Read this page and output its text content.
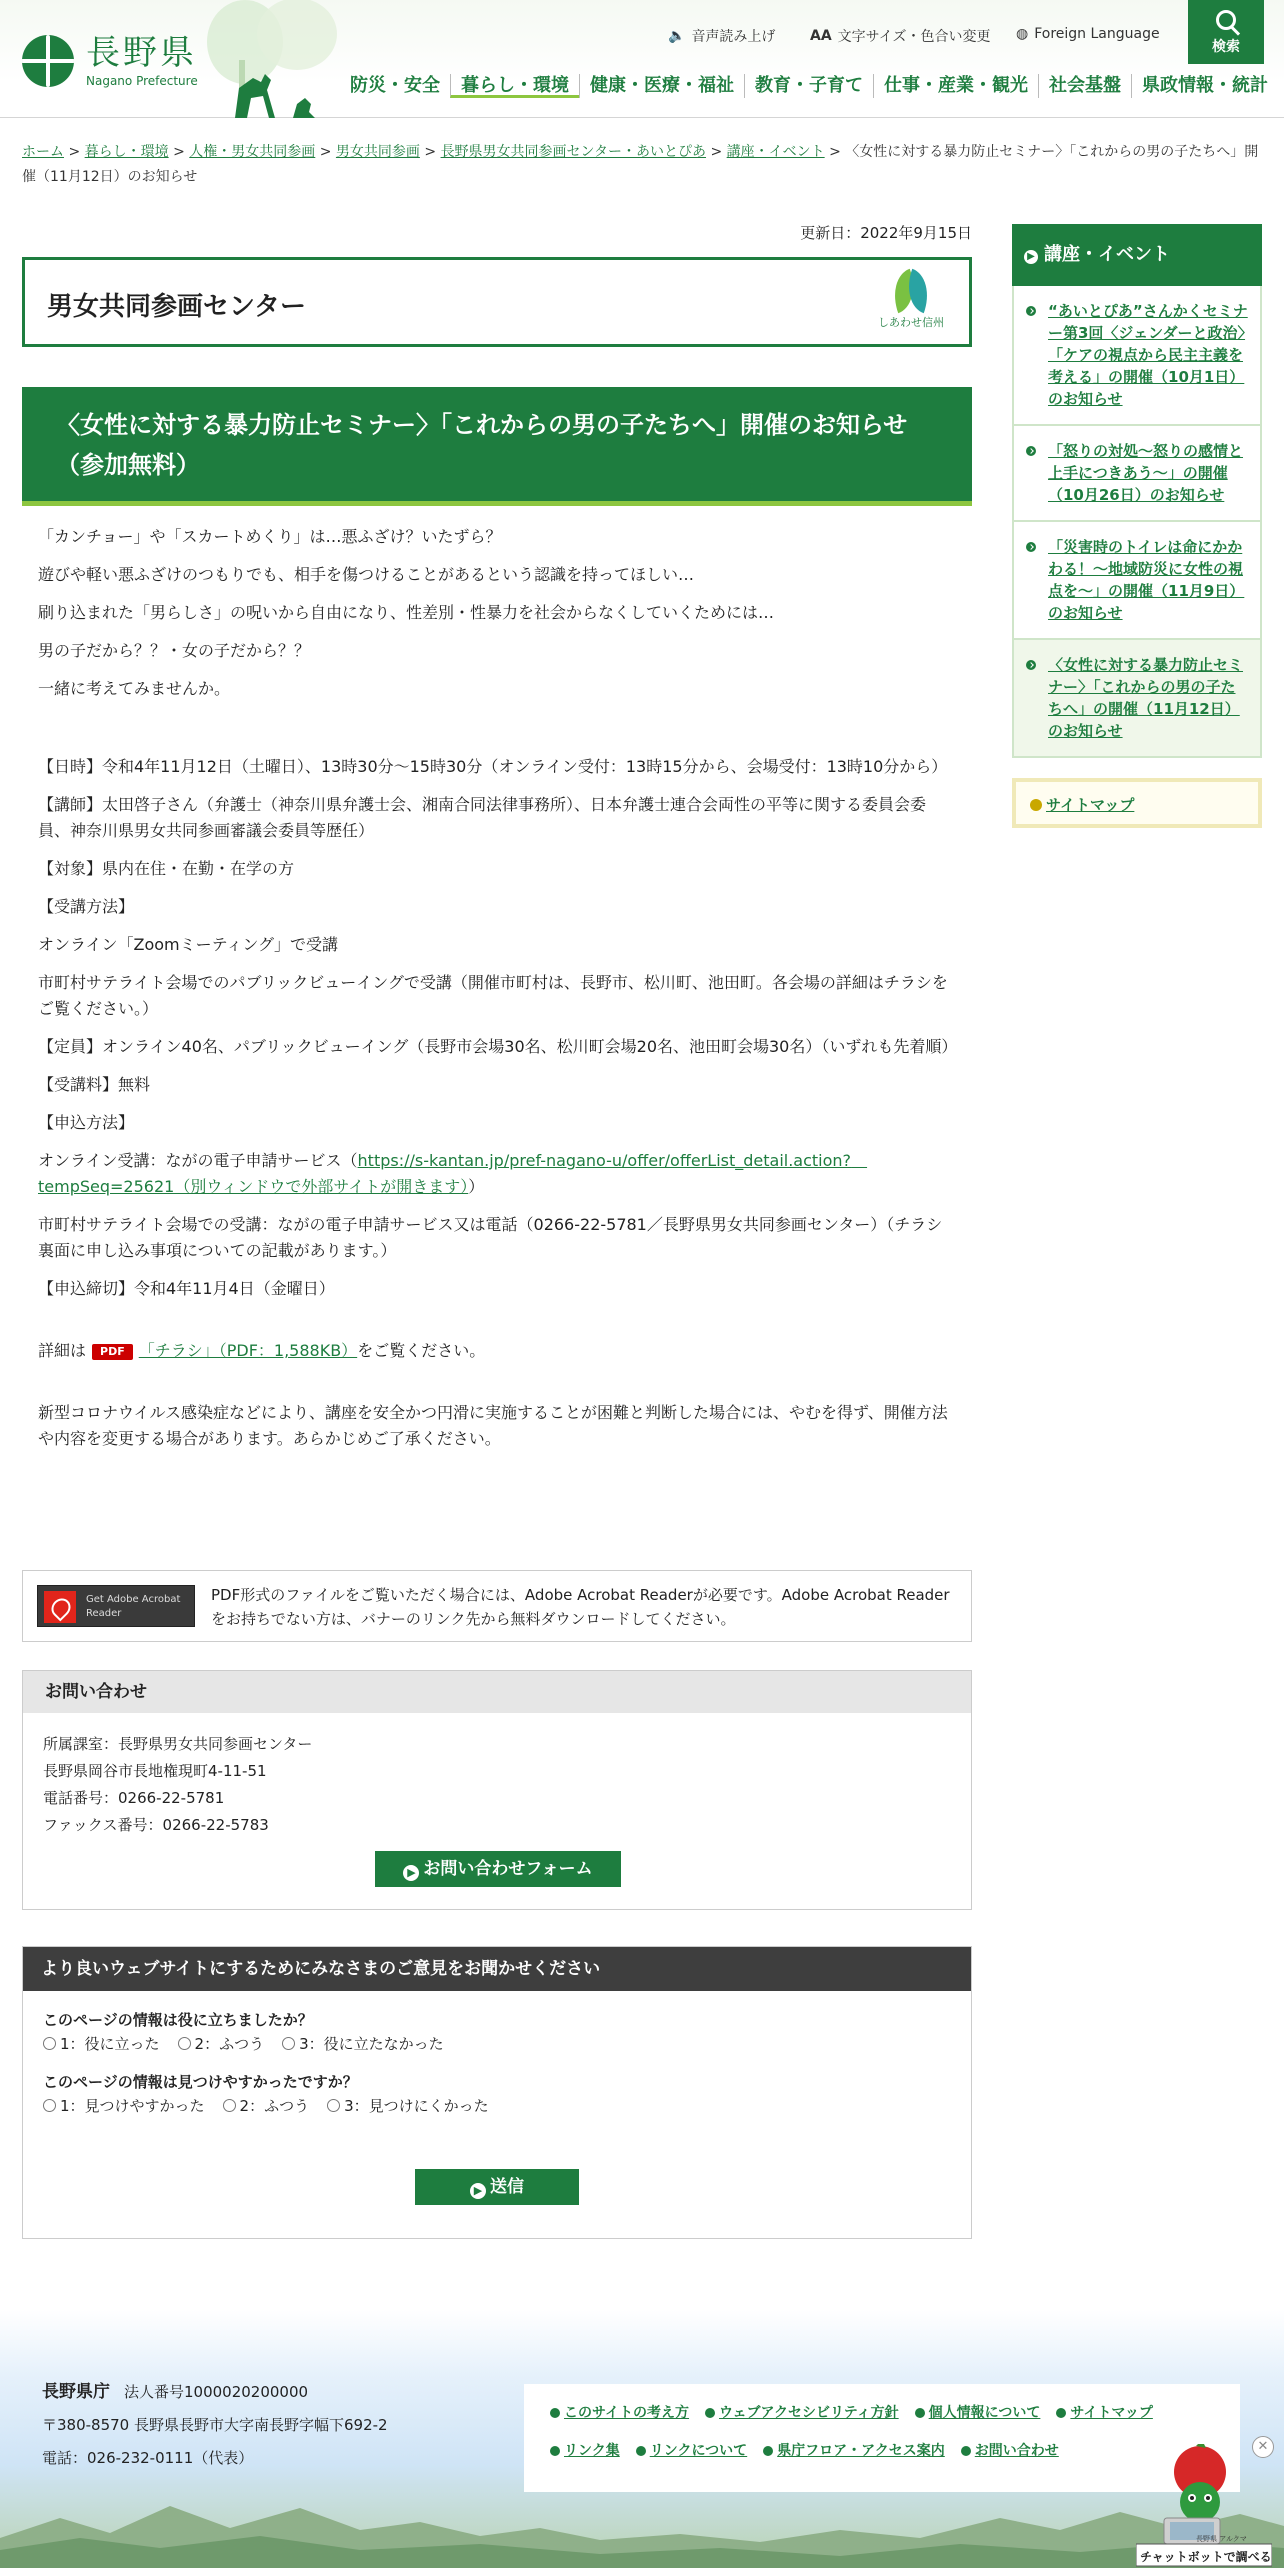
長野県
Nagano Prefecture
🔈 音声読み上げ AA 文字サイズ・色合い変更 ◍ Foreign Language
検索
防災・安全	暮らし・環境	健康・医療・福祉	教育・子育て	仕事・産業・観光	社会基盤	県政情報・統計
ホーム > 暮らし・環境 > 人権・男女共同参画 > 男女共同参画 > 長野県男女共同参画センター・あいとぴあ > 講座・イベント > 〈女性に対する暴力防止セミナー〉「これからの男の子たちへ」開催（11月12日）のお知らせ
更新日：2022年9月15日
男女共同参画センター
しあわせ信州
〈女性に対する暴力防止セミナー〉「これからの男の子たちへ」開催のお知らせ（参加無料）

「カンチョー」や「スカートめくり」は…悪ふざけ？いたずら？

遊びや軽い悪ふざけのつもりでも、相手を傷つけることがあるという認識を持ってほしい…

刷り込まれた「男らしさ」の呪いから自由になり、性差別・性暴力を社会からなくしていくためには…

男の子だから？？・女の子だから？？

一緒に考えてみませんか。

【日時】令和4年11月12日（土曜日）、13時30分～15時30分（オンライン受付：13時15分から、会場受付：13時10分から）

【講師】太田啓子さん（弁護士（神奈川県弁護士会、湘南合同法律事務所）、日本弁護士連合会両性の平等に関する委員会委員、神奈川県男女共同参画審議会委員等歴任）

【対象】県内在住・在勤・在学の方

【受講方法】

オンライン「Zoomミーティング」で受講

市町村サテライト会場でのパブリックビューイングで受講（開催市町村は、長野市、松川町、池田町。各会場の詳細はチラシをご覧ください。）

【定員】オンライン40名、パブリックビューイング（長野市会場30名、松川町会場20名、池田町会場30名）（いずれも先着順）

【受講料】無料

【申込方法】

オンライン受講：ながの電子申請サービス（https://s-kantan.jp/pref-nagano-u/offer/offerList_detail.action?　tempSeq=25621（別ウィンドウで外部サイトが開きます））

市町村サテライト会場での受講：ながの電子申請サービス又は電話（0266-22-5781／長野県男女共同参画センター）（チラシ裏面に申し込み事項についての記載があります。）

【申込締切】令和4年11月4日（金曜日）

詳細は PDF 「チラシ」（PDF：1,588KB）をご覧ください。

新型コロナウイルス感染症などにより、講座を安全かつ円滑に実施することが困難と判断した場合には、やむを得ず、開催方法や内容を変更する場合があります。あらかじめご了承ください。

Get Adobe Acrobat Reader
PDF形式のファイルをご覧いただく場合には、Adobe Acrobat Readerが必要です。Adobe Acrobat Readerをお持ちでない方は、バナーのリンク先から無料ダウンロードしてください。
お問い合わせ
所属課室：長野県男女共同参画センター
長野県岡谷市長地権現町4-11-51
電話番号：0266-22-5781
ファックス番号：0266-22-5783
▶ お問い合わせフォーム
より良いウェブサイトにするためにみなさまのご意見をお聞かせください
このページの情報は役に立ちましたか？
1：役に立った 2：ふつう 3：役に立たなかった
このページの情報は見つけやすかったですか？
1：見つけやすかった 2：ふつう 3：見つけにくかった
▶ 送信
▶ 講座・イベント
“あいとぴあ”さんかくセミナー第3回〈ジェンダーと政治〉「ケアの視点から民主主義を考える」の開催（10月1日）のお知らせ
「怒りの対処～怒りの感情と上手につきあう～」の開催（10月26日）のお知らせ
「災害時のトイレは命にかかわる！～地域防災に女性の視点を～」の開催（11月9日）のお知らせ
〈女性に対する暴力防止セミナー〉「これからの男の子たちへ」の開催（11月12日）のお知らせ
サイトマップ
長野県庁 法人番号1000020200000
〒380-8570 長野県長野市大字南長野字幅下692-2
電話：026-232-0111（代表）
このサイトの考え方	ウェブアクセシビリティ方針	個人情報について	サイトマップ
リンク集	リンクについて	県庁フロア・アクセス案内	お問い合わせ	✕
長野県 アルクマ
チャットボットで調べる
